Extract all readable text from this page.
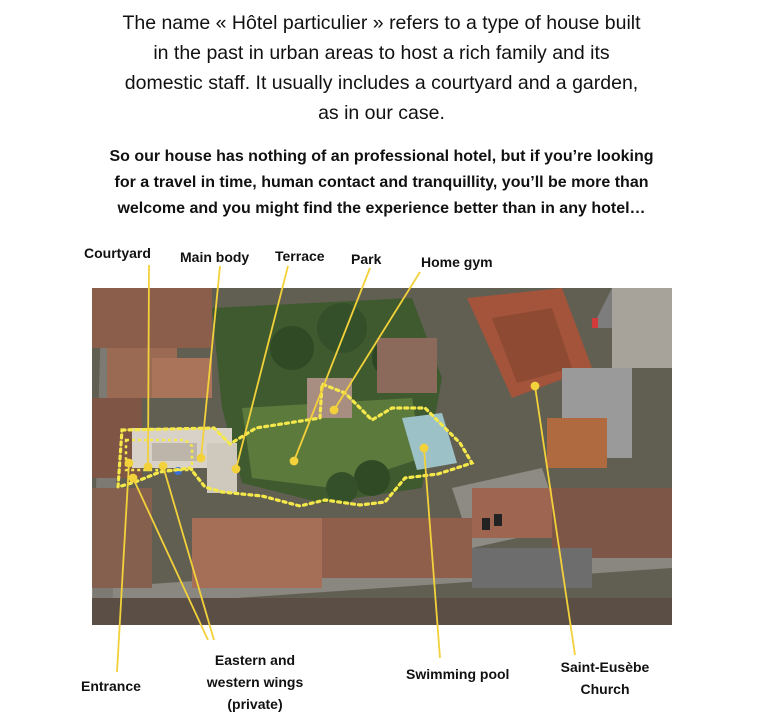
The name « Hôtel particulier » refers to a type of house built

in the past in urban areas to host a rich family and its

domestic staff. It usually includes a courtyard and a garden,

as in our case.

So our house has nothing of an professional hotel, but if you’re looking

for a travel in time, human contact and tranquillity, you’ll be more than

welcome and you might find the experience better than in any hotel…

Courtyard Main body Terrace Park	Home gym
Entrance
Eastern and
western wings
(private)
Swimming pool	Saint-Eusèbe
Church
